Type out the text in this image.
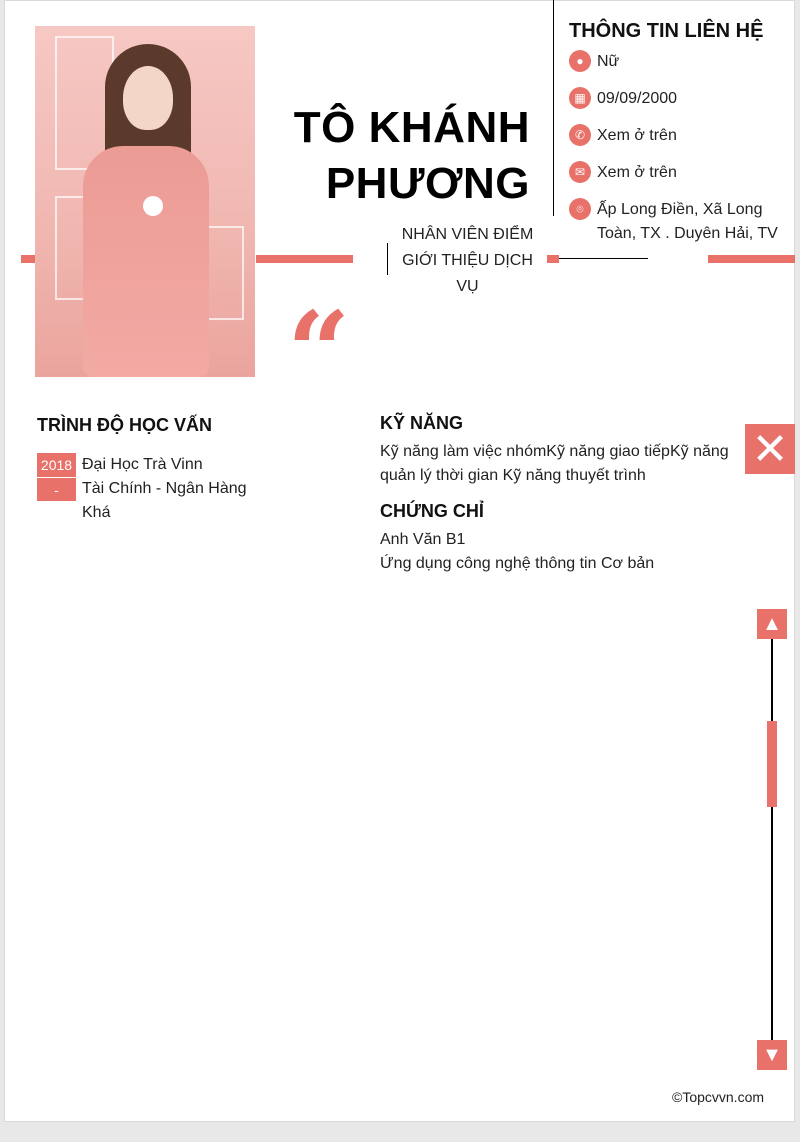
TÔ KHÁNH
PHƯƠNG
NHÂN VIÊN ĐIỂM GIỚI THIỆU DỊCH VỤ
“
THÔNG TIN LIÊN HỆ
● Nữ
▦ 09/09/2000
✆ Xem ở trên
✉ Xem ở trên
⌾ Ấp Long Điền, Xã Long
Toàn, TX . Duyên Hải, TV
TRÌNH ĐỘ HỌC VẤN
2018
-
Đại Học Trà Vinn
Tài Chính - Ngân Hàng
Khá
KỸ NĂNG
Kỹ năng làm việc nhómKỹ năng giao tiếpKỹ năng
quản lý thời gian Kỹ năng thuyết trình
CHỨNG CHỈ
Anh Văn B1
Ứng dụng công nghệ thông tin Cơ bản
✕
▲
▼
©Topcvvn.com
